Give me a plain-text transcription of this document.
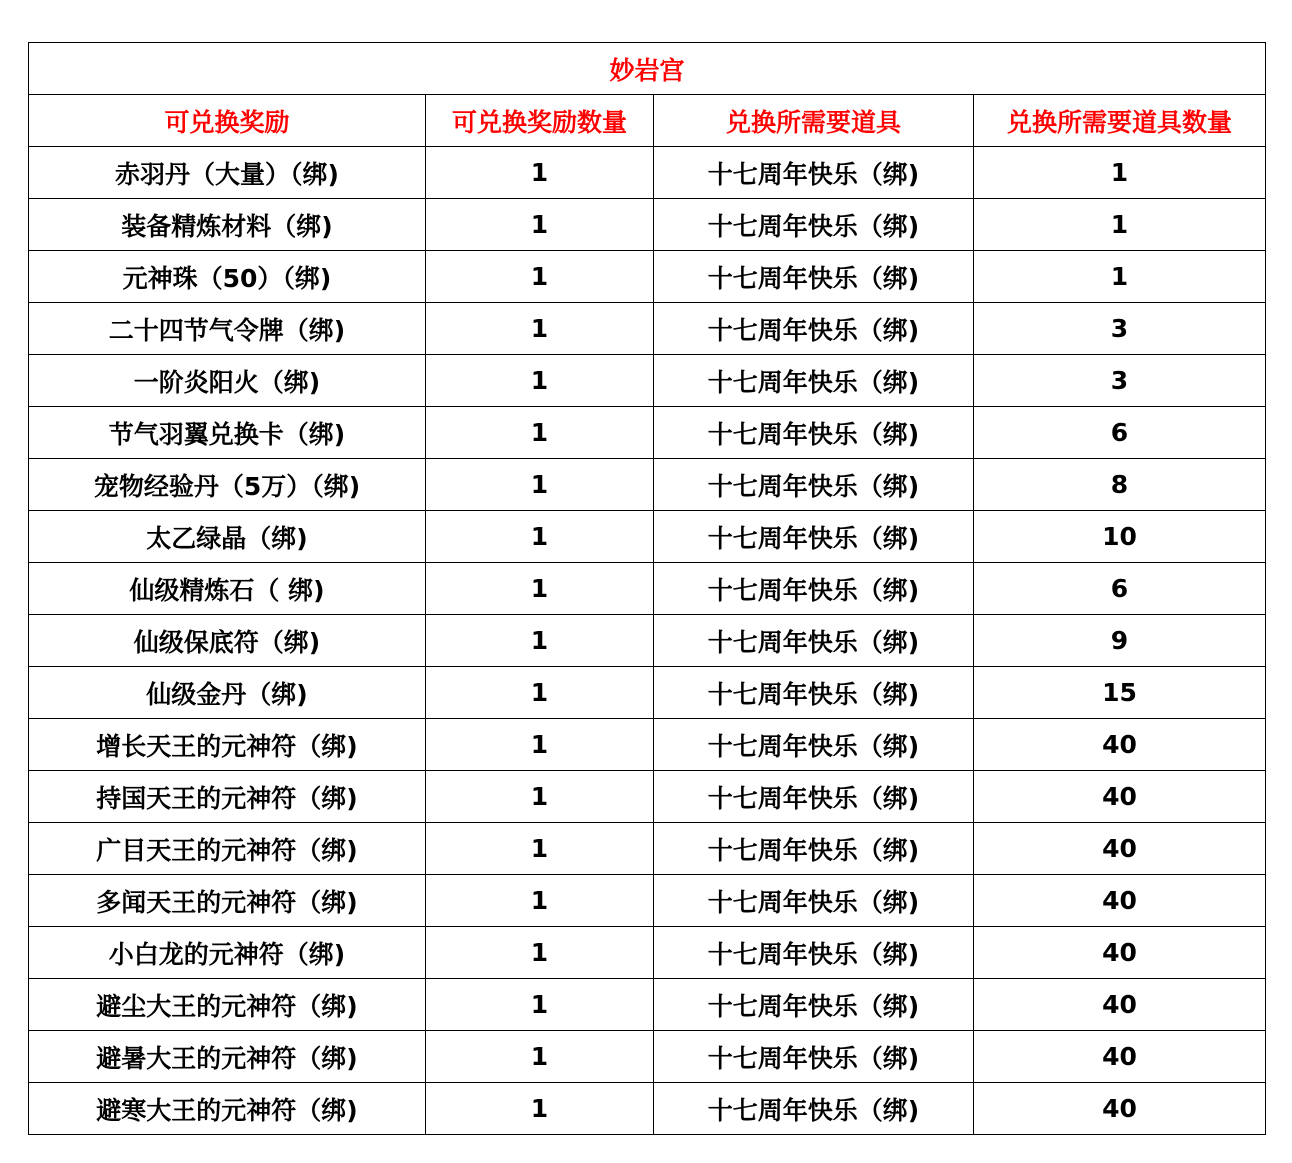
妙岩宫			
可兑换奖励	可兑换奖励数量	兑换所需要道具	兑换所需要道具数量
赤羽丹（大量）（绑)	1	十七周年快乐（绑)	1
装备精炼材料（绑)	1	十七周年快乐（绑)	1
元神珠（50）（绑)	1	十七周年快乐（绑)	1
二十四节气令牌（绑)	1	十七周年快乐（绑)	3
一阶炎阳火（绑)	1	十七周年快乐（绑)	3
节气羽翼兑换卡（绑)	1	十七周年快乐（绑)	6
宠物经验丹（5万）（绑)	1	十七周年快乐（绑)	8
太乙绿晶（绑)	1	十七周年快乐（绑)	10
仙级精炼石（ 绑)	1	十七周年快乐（绑)	6
仙级保底符（绑)	1	十七周年快乐（绑)	9
仙级金丹（绑)	1	十七周年快乐（绑)	15
增长天王的元神符（绑)	1	十七周年快乐（绑)	40
持国天王的元神符（绑)	1	十七周年快乐（绑)	40
广目天王的元神符（绑)	1	十七周年快乐（绑)	40
多闻天王的元神符（绑)	1	十七周年快乐（绑)	40
小白龙的元神符（绑)	1	十七周年快乐（绑)	40
避尘大王的元神符（绑)	1	十七周年快乐（绑)	40
避暑大王的元神符（绑)	1	十七周年快乐（绑)	40
避寒大王的元神符（绑)	1	十七周年快乐（绑)	40
